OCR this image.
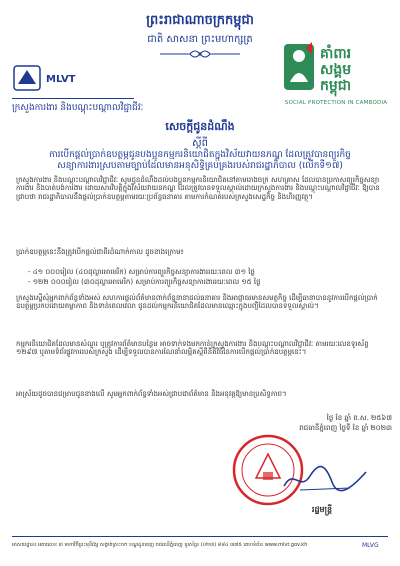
ព្រះរាជាណាចក្រកម្ពុជា
ជាតិ សាសនា ព្រះមហាក្សត្រ
MLVT
ក្រសួងការងារ និងបណ្តុះបណ្តាលវិជ្ជាជីវៈ
គាំពារ
សង្គម
កម្ពុជា
SOCIAL PROTECTION IN CAMBODIA
សេចក្តីជូនដំណឹង
ស្តីពី
ការបើកផ្តល់ប្រាក់ឧបត្ថម្ភជូនបងប្អូនកម្មករនិយោជិតក្នុងវិស័យវាយនភណ្ឌ ដែលត្រូវបានព្យួរកិច្ចសន្យាការងារស្របតាមច្បាប់ដែលមានអនុសិទ្ធិគ្រប់គ្រងរបស់រាជរដ្ឋាភិបាល (លើកទី១៧)
ក្រសួងការងារ និងបណ្តុះបណ្តាលវិជ្ជាជីវៈ សូមជូនដំណឹងដល់បងប្អូនកម្មករនិយោជិតនៅតាមរោងចក្រ សហគ្រាស ដែលបានប្រកាសព្យួរកិច្ចសន្យាការងារ និងបាត់បង់ការងារ ដោយសារវិបត្តិក្នុងវិស័យវាយនភណ្ឌ ដែលត្រូវបានទទួលស្គាល់ដោយក្រសួងការងារ និងបណ្តុះបណ្តាលវិជ្ជាជីវៈ ឱ្យបានជ្រាបថា រាជរដ្ឋាភិបាលនឹងផ្តល់ប្រាក់ឧបត្ថម្ភតាមរយៈប្រព័ន្ធធនាគារ តាមការកំណត់របស់ក្រសួងសេដ្ឋកិច្ច និងហិរញ្ញវត្ថុ។
ប្រាក់ឧបត្ថម្ភនេះនឹងត្រូវបើកផ្តល់ជាពីរដំណាក់កាល ដូចខាងក្រោម៖
- ៤១ ០០០រៀល (៤០ដុល្លារអាមេរិក) សម្រាប់ការព្យួរកិច្ចសន្យាការងាររយៈពេល ៣១ ថ្ងៃ
- ១២២ ០០០រៀល (៣០ដុល្លារអាមេរិក) សម្រាប់ការព្យួរកិច្ចសន្យាការងាររយៈពេល ១៥ ថ្ងៃ
ក្រសួងស្នើសុំអ្នកពាក់ព័ន្ធទាំងអស់ សហការផ្តល់ព័ត៌មានពាក់ព័ន្ធនានាដល់ធនាគារ និងអាជ្ញាធរមានសមត្ថកិច្ច ដើម្បីធានាបាននូវការបើកផ្តល់ប្រាក់ឧបត្ថម្ភប្រកបដោយតម្លាភាព និងទាន់ពេលវេលា ជូនដល់កម្មករនិយោជិតដែលមានឈ្មោះក្នុងបញ្ជីដែលបានទទួលស្គាល់។
កម្មករនិយោជិតដែលមានសំណួរ ឬត្រូវការព័ត៌មានបន្ថែម អាចទាក់ទងមកកាន់ក្រសួងការងារ និងបណ្តុះបណ្តាលវិជ្ជាជីវៈ តាមរយៈលេខទូរស័ព្ទ ១២៩៧ ឬតាមទំព័រផ្លូវការរបស់ក្រសួង ដើម្បីទទួលបានការណែនាំលម្អិតស្តីពីនីតិវិធីនៃការបើកផ្តល់ប្រាក់ឧបត្ថម្ភនេះ។
អាស្រ័យដូចបានជម្រាបជូនខាងលើ សូមអ្នកពាក់ព័ន្ធទាំងអស់ជ្រាបជាព័ត៌មាន និងអនុវត្តឱ្យមានប្រសិទ្ធភាព។
ថ្ងៃ ខែ ឆ្នាំ ព.ស. ២៥៦៧
រាជធានីភ្នំពេញ ថ្ងៃទី ខែ ឆ្នាំ ២០២៣
រដ្ឋមន្ត្រី
អាសយដ្ឋាន៖ អគារលេខ ៣ មហាវិថីព្រះមុនីវង្ស សង្កាត់ស្រះចក ខណ្ឌដូនពេញ រាជធានីភ្នំពេញ ទូរស័ព្ទ៖ (០២៣) ៨៨៤ ៣៧៥ គេហទំព័រ៖ www.mlvt.gov.kh	MLVG
